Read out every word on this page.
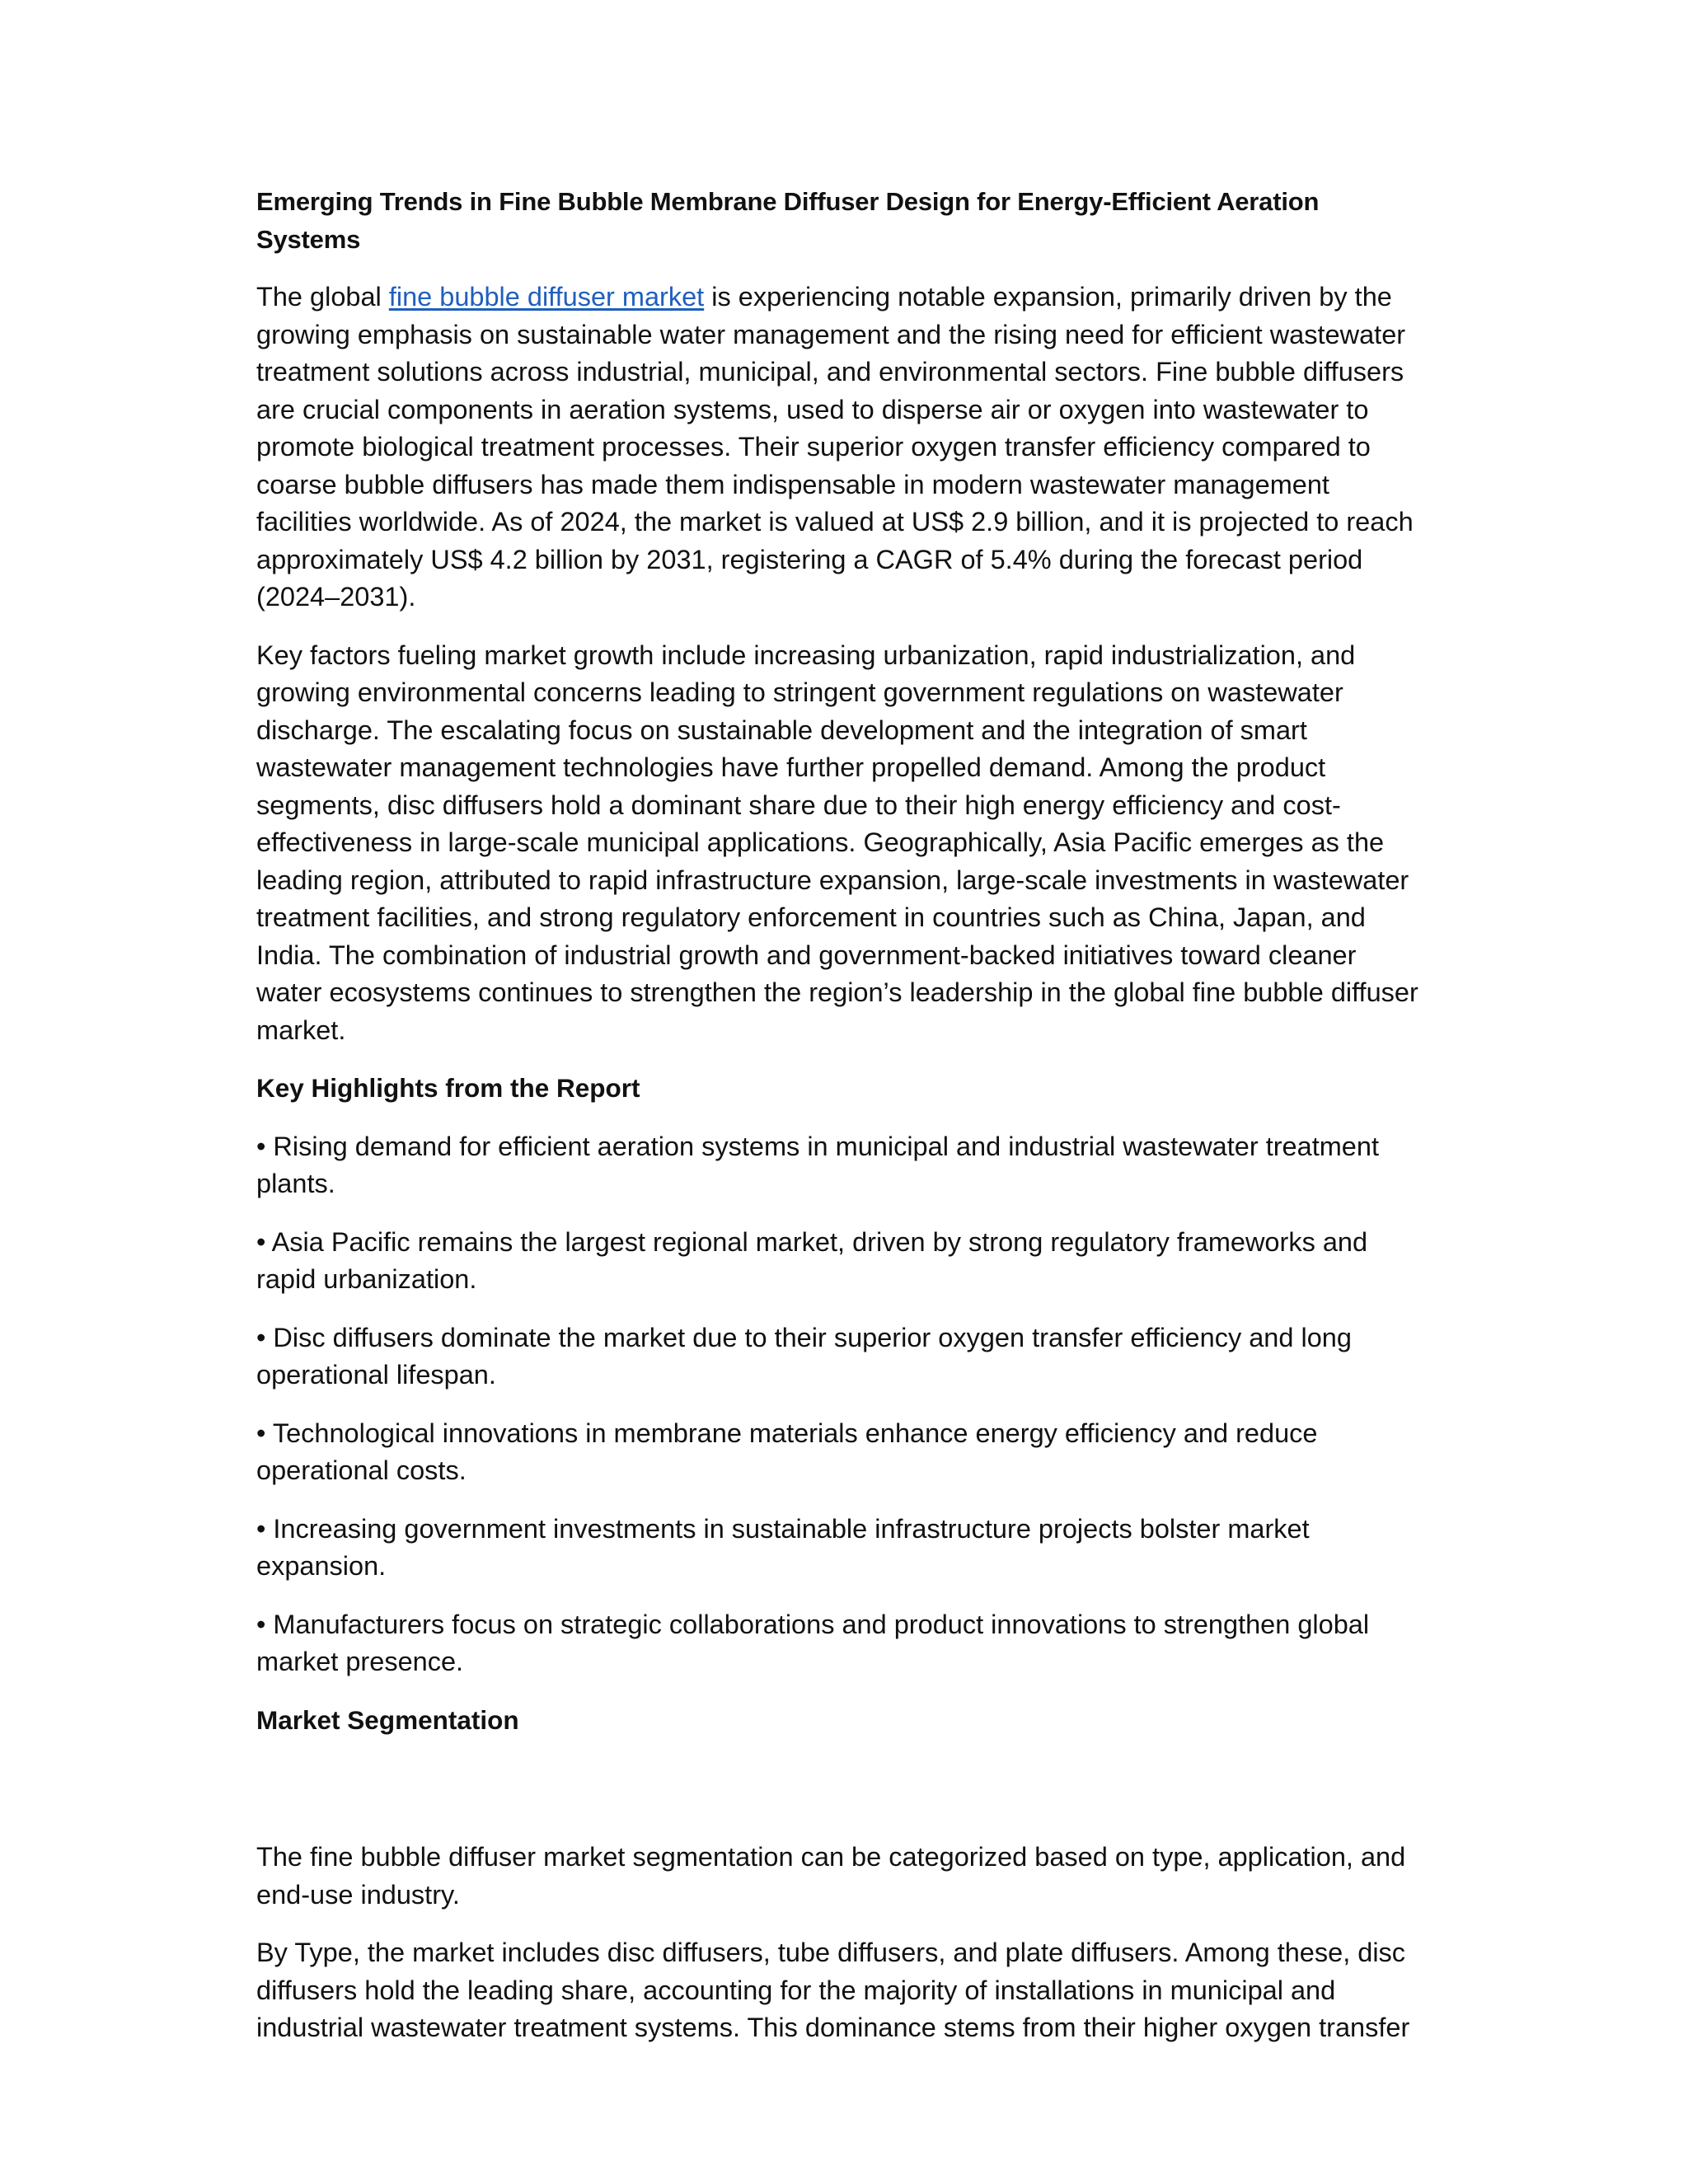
Emerging Trends in Fine Bubble Membrane Diffuser Design for Energy-Efficient Aeration Systems

The global fine bubble diffuser market is experiencing notable expansion, primarily driven by the growing emphasis on sustainable water management and the rising need for efficient wastewater treatment solutions across industrial, municipal, and environmental sectors. Fine bubble diffusers are crucial components in aeration systems, used to disperse air or oxygen into wastewater to promote biological treatment processes. Their superior oxygen transfer efficiency compared to coarse bubble diffusers has made them indispensable in modern wastewater management facilities worldwide. As of 2024, the market is valued at US$ 2.9 billion, and it is projected to reach approximately US$ 4.2 billion by 2031, registering a CAGR of 5.4% during the forecast period (2024–2031).

Key factors fueling market growth include increasing urbanization, rapid industrialization, and growing environmental concerns leading to stringent government regulations on wastewater discharge. The escalating focus on sustainable development and the integration of smart wastewater management technologies have further propelled demand. Among the product segments, disc diffusers hold a dominant share due to their high energy efficiency and cost-effectiveness in large-scale municipal applications. Geographically, Asia Pacific emerges as the leading region, attributed to rapid infrastructure expansion, large-scale investments in wastewater treatment facilities, and strong regulatory enforcement in countries such as China, Japan, and India. The combination of industrial growth and government-backed initiatives toward cleaner water ecosystems continues to strengthen the region’s leadership in the global fine bubble diffuser market.

Key Highlights from the Report

• Rising demand for efficient aeration systems in municipal and industrial wastewater treatment plants.

• Asia Pacific remains the largest regional market, driven by strong regulatory frameworks and rapid urbanization.

• Disc diffusers dominate the market due to their superior oxygen transfer efficiency and long operational lifespan.

• Technological innovations in membrane materials enhance energy efficiency and reduce operational costs.

• Increasing government investments in sustainable infrastructure projects bolster market expansion.

• Manufacturers focus on strategic collaborations and product innovations to strengthen global market presence.

Market Segmentation

The fine bubble diffuser market segmentation can be categorized based on type, application, and end-use industry.

By Type, the market includes disc diffusers, tube diffusers, and plate diffusers. Among these, disc diffusers hold the leading share, accounting for the majority of installations in municipal and industrial wastewater treatment systems. This dominance stems from their higher oxygen transfer
